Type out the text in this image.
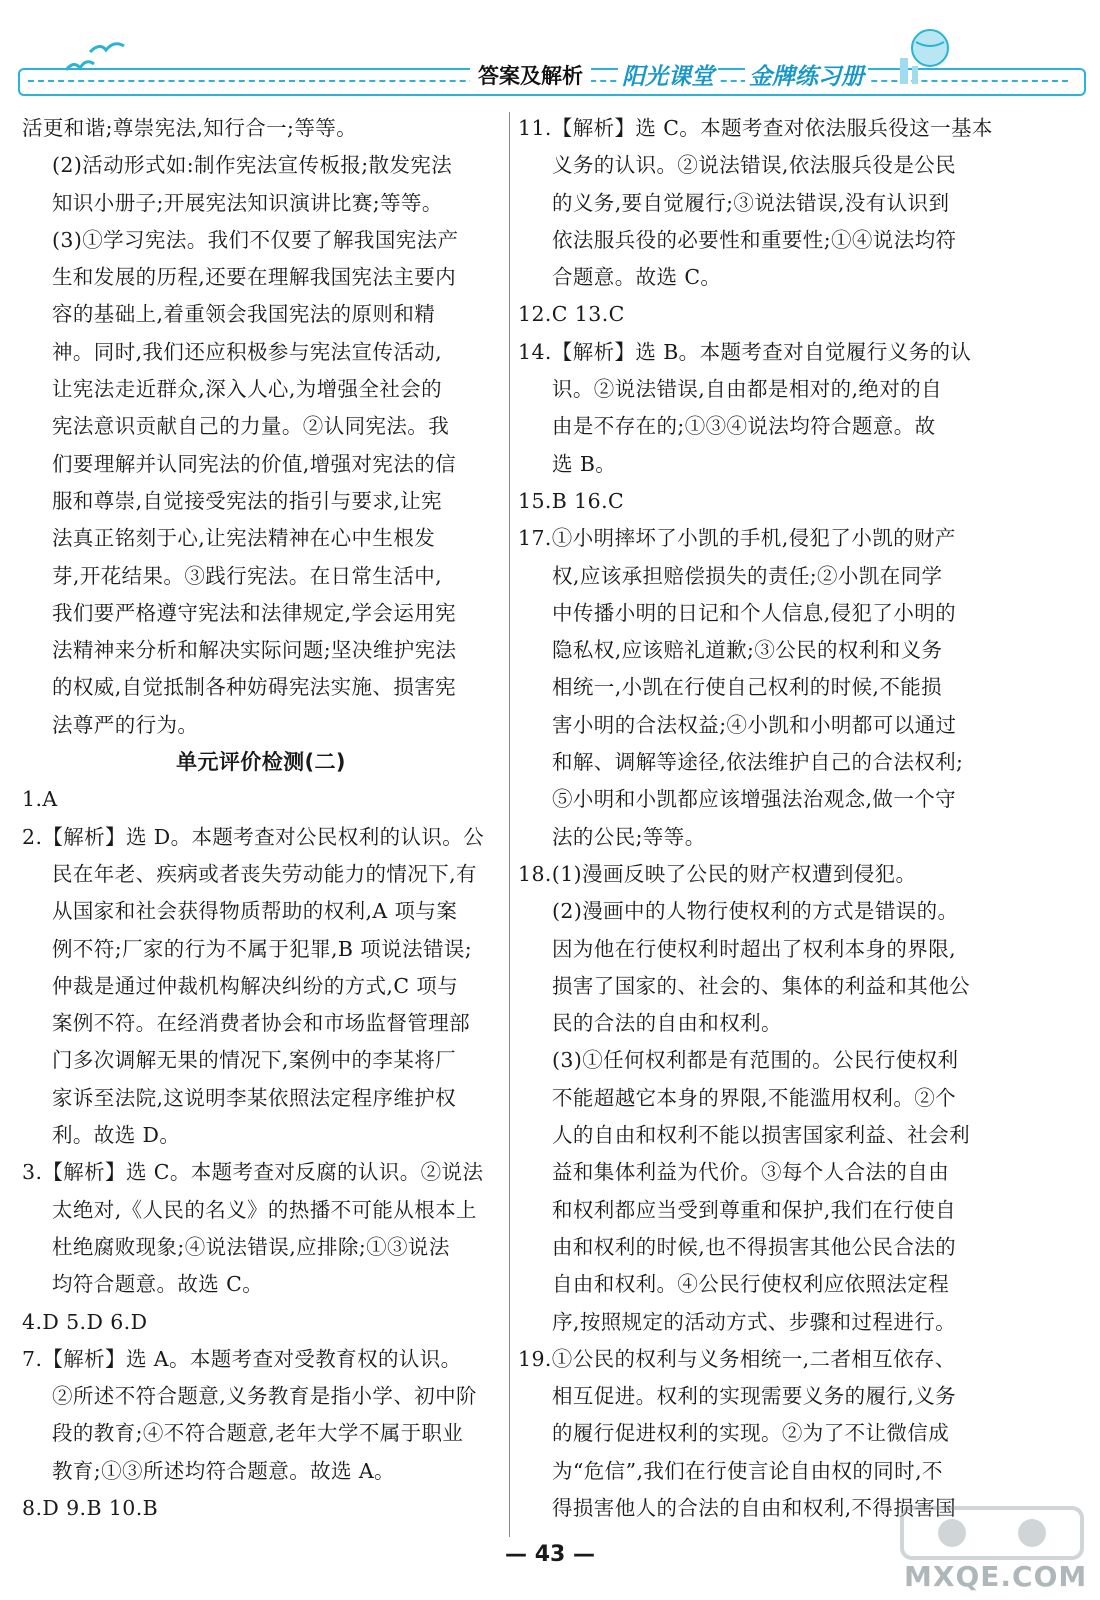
答案及解析	阳光课堂 金牌练习册
活更和谐;尊崇宪法,知行合一;等等。
(2)活动形式如:制作宪法宣传板报;散发宪法
知识小册子;开展宪法知识演讲比赛;等等。
(3)①学习宪法。我们不仅要了解我国宪法产
生和发展的历程,还要在理解我国宪法主要内
容的基础上,着重领会我国宪法的原则和精
神。同时,我们还应积极参与宪法宣传活动,
让宪法走近群众,深入人心,为增强全社会的
宪法意识贡献自己的力量。②认同宪法。我
们要理解并认同宪法的价值,增强对宪法的信
服和尊崇,自觉接受宪法的指引与要求,让宪
法真正铭刻于心,让宪法精神在心中生根发
芽,开花结果。③践行宪法。在日常生活中,
我们要严格遵守宪法和法律规定,学会运用宪
法精神来分析和解决实际问题;坚决维护宪法
的权威,自觉抵制各种妨碍宪法实施、损害宪
法尊严的行为。
单元评价检测(二)
1.A
2.【解析】选 D。本题考查对公民权利的认识。公
民在年老、疾病或者丧失劳动能力的情况下,有
从国家和社会获得物质帮助的权利,A 项与案
例不符;厂家的行为不属于犯罪,B 项说法错误;
仲裁是通过仲裁机构解决纠纷的方式,C 项与
案例不符。在经消费者协会和市场监督管理部
门多次调解无果的情况下,案例中的李某将厂
家诉至法院,这说明李某依照法定程序维护权
利。故选 D。
3.【解析】选 C。本题考查对反腐的认识。②说法
太绝对,《人民的名义》的热播不可能从根本上
杜绝腐败现象;④说法错误,应排除;①③说法
均符合题意。故选 C。
4.D 5.D 6.D
7.【解析】选 A。本题考查对受教育权的认识。
②所述不符合题意,义务教育是指小学、初中阶
段的教育;④不符合题意,老年大学不属于职业
教育;①③所述均符合题意。故选 A。
8.D 9.B 10.B
11.【解析】选 C。本题考查对依法服兵役这一基本
义务的认识。②说法错误,依法服兵役是公民
的义务,要自觉履行;③说法错误,没有认识到
依法服兵役的必要性和重要性;①④说法均符
合题意。故选 C。
12.C 13.C
14.【解析】选 B。本题考查对自觉履行义务的认
识。②说法错误,自由都是相对的,绝对的自
由是不存在的;①③④说法均符合题意。故
选 B。
15.B 16.C
17.①小明摔坏了小凯的手机,侵犯了小凯的财产
权,应该承担赔偿损失的责任;②小凯在同学
中传播小明的日记和个人信息,侵犯了小明的
隐私权,应该赔礼道歉;③公民的权利和义务
相统一,小凯在行使自己权利的时候,不能损
害小明的合法权益;④小凯和小明都可以通过
和解、调解等途径,依法维护自己的合法权利;
⑤小明和小凯都应该增强法治观念,做一个守
法的公民;等等。
18.(1)漫画反映了公民的财产权遭到侵犯。
(2)漫画中的人物行使权利的方式是错误的。
因为他在行使权利时超出了权利本身的界限,
损害了国家的、社会的、集体的利益和其他公
民的合法的自由和权利。
(3)①任何权利都是有范围的。公民行使权利
不能超越它本身的界限,不能滥用权利。②个
人的自由和权利不能以损害国家利益、社会利
益和集体利益为代价。③每个人合法的自由
和权利都应当受到尊重和保护,我们在行使自
由和权利的时候,也不得损害其他公民合法的
自由和权利。④公民行使权利应依照法定程
序,按照规定的活动方式、步骤和过程进行。
19.①公民的权利与义务相统一,二者相互依存、
相互促进。权利的实现需要义务的履行,义务
的履行促进权利的实现。②为了不让微信成
为“危信”,我们在行使言论自由权的同时,不
得损害他人的合法的自由和权利,不得损害国
— 43 —
MXQE.COM
